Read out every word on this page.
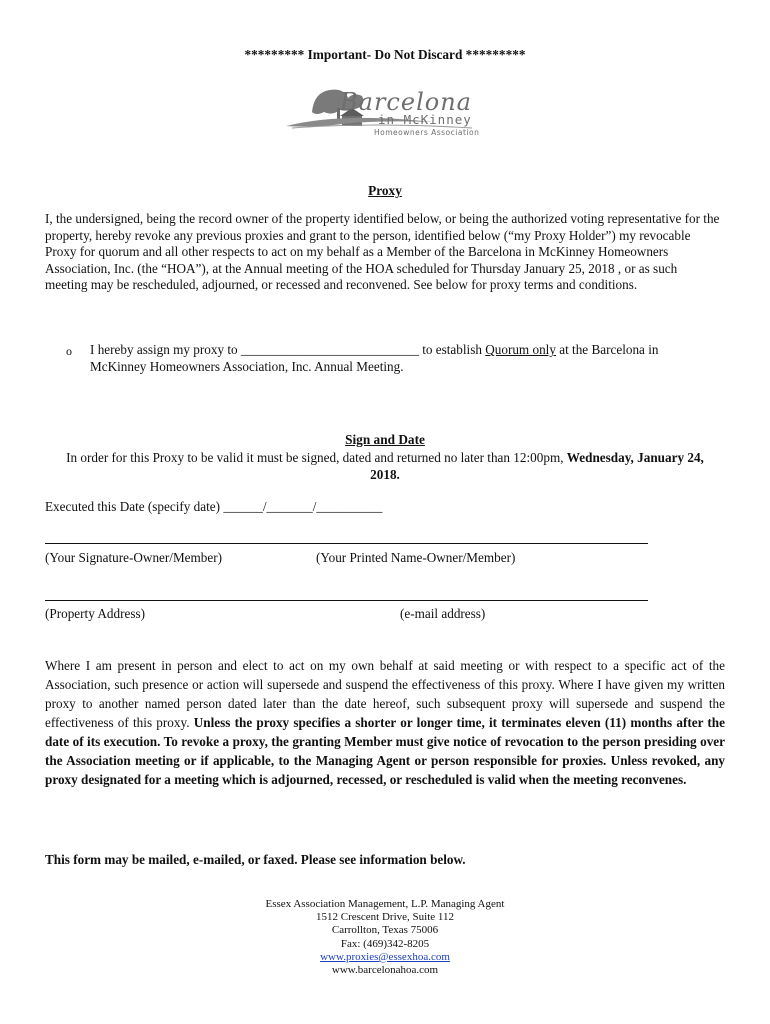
********* Important- Do Not Discard *********
Barcelona
in McKinney
Homeowners Association
Proxy
I, the undersigned, being the record owner of the property identified below, or being the authorized voting representative for the property, hereby revoke any previous proxies and grant to the person, identified below (“my Proxy Holder”) my revocable Proxy for quorum and all other respects to act on my behalf as a Member of the Barcelona in McKinney Homeowners Association, Inc. (the “HOA”), at the Annual meeting of the HOA scheduled for Thursday January 25, 2018 , or as such meeting may be rescheduled, adjourned, or recessed and reconvened. See below for proxy terms and conditions.
o I hereby assign my proxy to ___________________________ to establish Quorum only at the Barcelona in
McKinney Homeowners Association, Inc. Annual Meeting.
Sign and Date
In order for this Proxy to be valid it must be signed, dated and returned no later than 12:00pm, Wednesday, January 24,
2018.
Executed this Date (specify date) ______/_______/__________
(Your Signature-Owner/Member)	(Your Printed Name-Owner/Member)
(Property Address)	(e-mail address)
Where I am present in person and elect to act on my own behalf at said meeting or with respect to a specific act of the Association, such presence or action will supersede and suspend the effectiveness of this proxy. Where I have given my written proxy to another named person dated later than the date hereof, such subsequent proxy will supersede and suspend the effectiveness of this proxy. Unless the proxy specifies a shorter or longer time, it terminates eleven (11) months after the date of its execution. To revoke a proxy, the granting Member must give notice of revocation to the person presiding over the Association meeting or if applicable, to the Managing Agent or person responsible for proxies. Unless revoked, any proxy designated for a meeting which is adjourned, recessed, or rescheduled is valid when the meeting reconvenes.
This form may be mailed, e-mailed, or faxed. Please see information below.
Essex Association Management, L.P. Managing Agent
1512 Crescent Drive, Suite 112
Carrollton, Texas 75006
Fax: (469)342-8205
www.proxies@essexhoa.com
www.barcelonahoa.com
